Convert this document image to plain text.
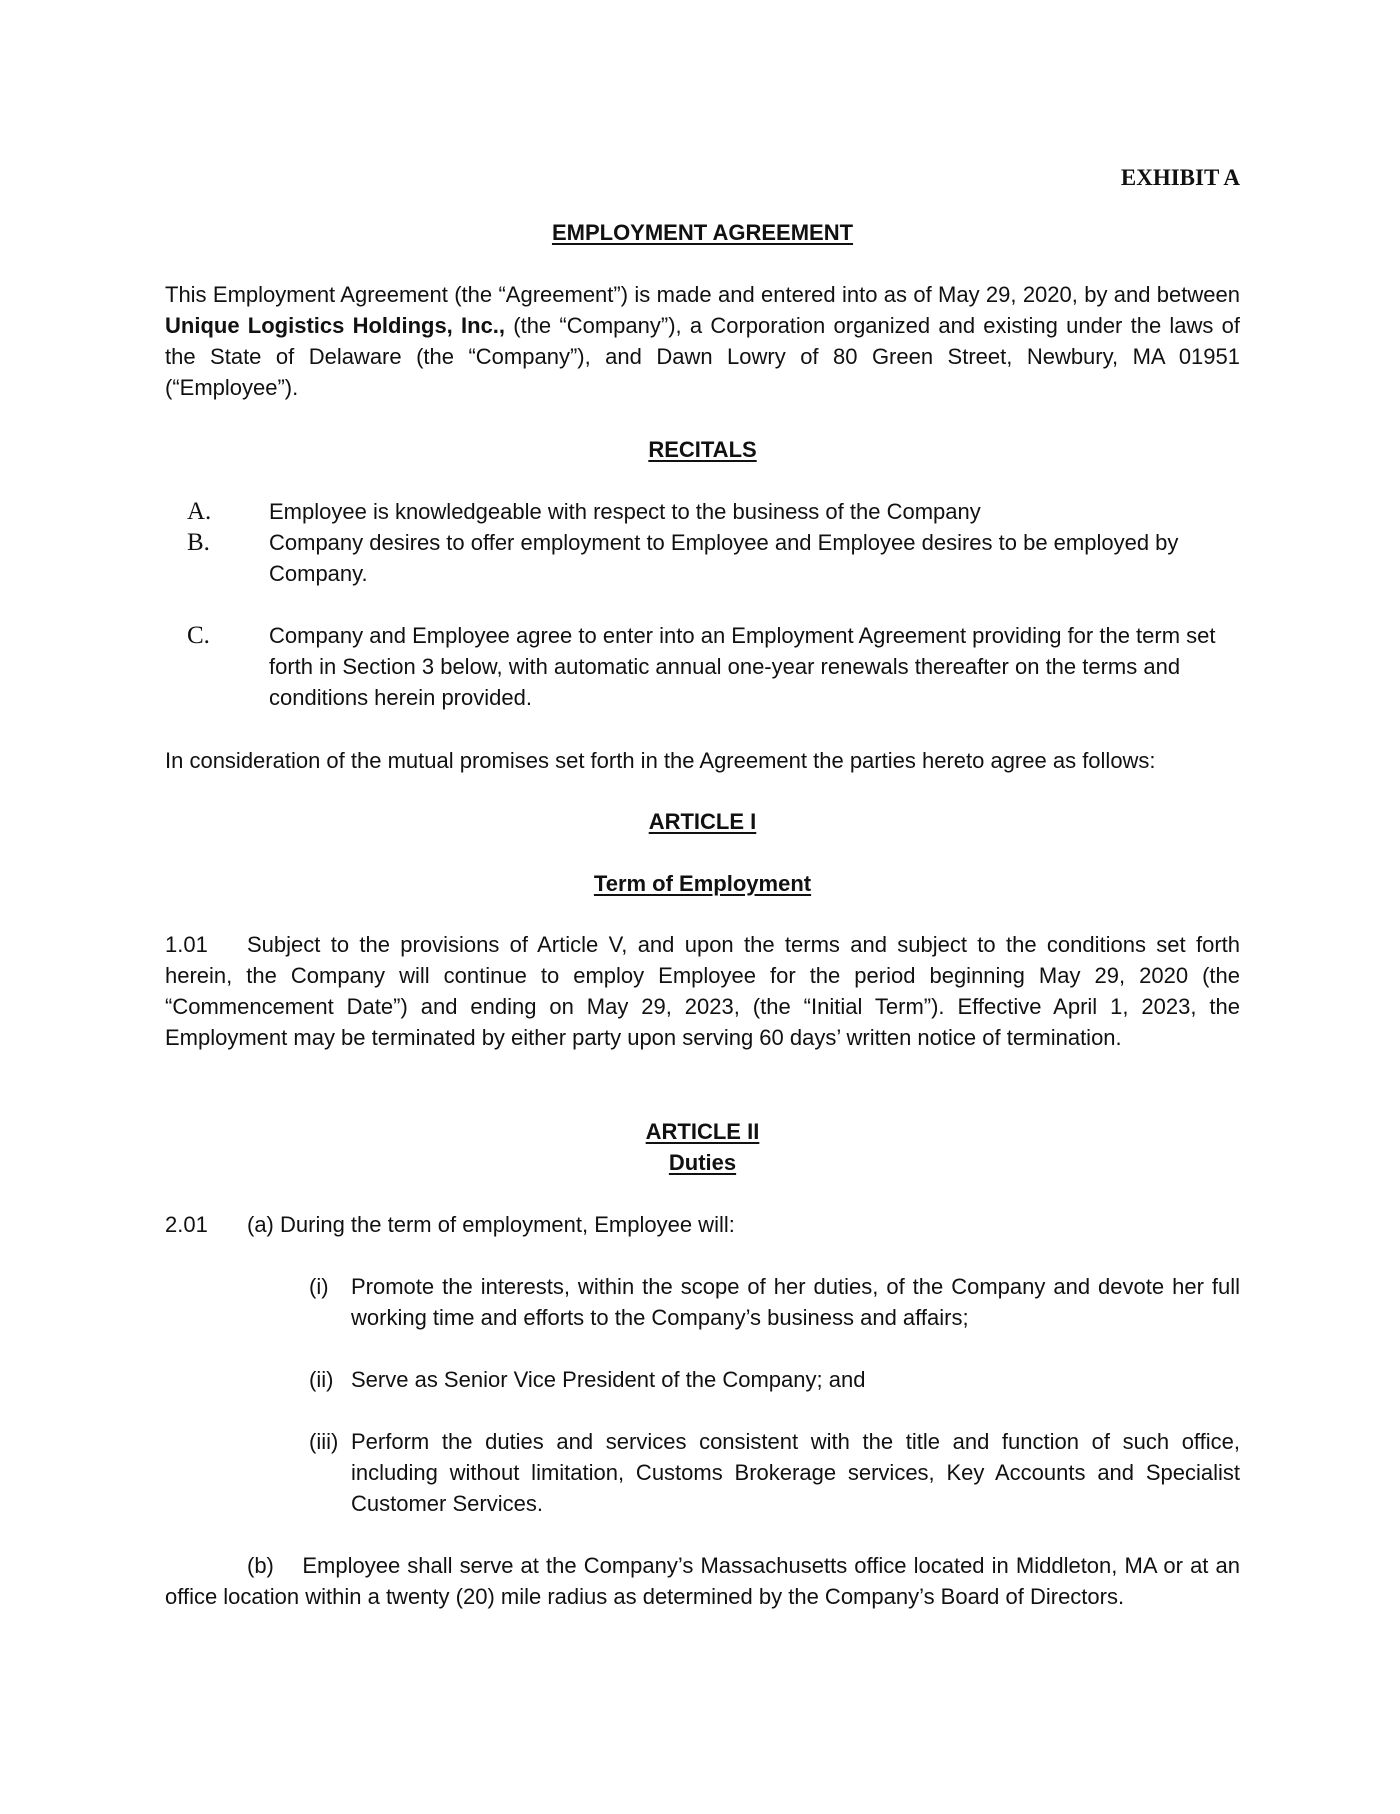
EXHIBIT A
EMPLOYMENT AGREEMENT
This Employment Agreement (the “Agreement”) is made and entered into as of May 29, 2020, by and between Unique Logistics Holdings, Inc., (the “Company”), a Corporation organized and existing under the laws of the State of Delaware (the “Company”), and Dawn Lowry of 80 Green Street, Newbury, MA 01951 (“Employee”).
RECITALS
A.	Employee is knowledgeable with respect to the business of the Company
B.	Company desires to offer employment to Employee and Employee desires to be employed by Company.
C.	Company and Employee agree to enter into an Employment Agreement providing for the term set forth in Section 3 below, with automatic annual one-year renewals thereafter on the terms and conditions herein provided.
In consideration of the mutual promises set forth in the Agreement the parties hereto agree as follows:
ARTICLE I
Term of Employment
1.01 Subject to the provisions of Article V, and upon the terms and subject to the conditions set forth herein, the Company will continue to employ Employee for the period beginning May 29, 2020 (the “Commencement Date”) and ending on May 29, 2023, (the “Initial Term”). Effective April 1, 2023, the Employment may be terminated by either party upon serving 60 days’ written notice of termination.
ARTICLE II
Duties
2.01 (a) During the term of employment, Employee will:
(i) Promote the interests, within the scope of her duties, of the Company and devote her full working time and efforts to the Company’s business and affairs;
(ii) Serve as Senior Vice President of the Company; and
(iii) Perform the duties and services consistent with the title and function of such office, including without limitation, Customs Brokerage services, Key Accounts and Specialist Customer Services.
(b) Employee shall serve at the Company’s Massachusetts office located in Middleton, MA or at an office location within a twenty (20) mile radius as determined by the Company’s Board of Directors.
